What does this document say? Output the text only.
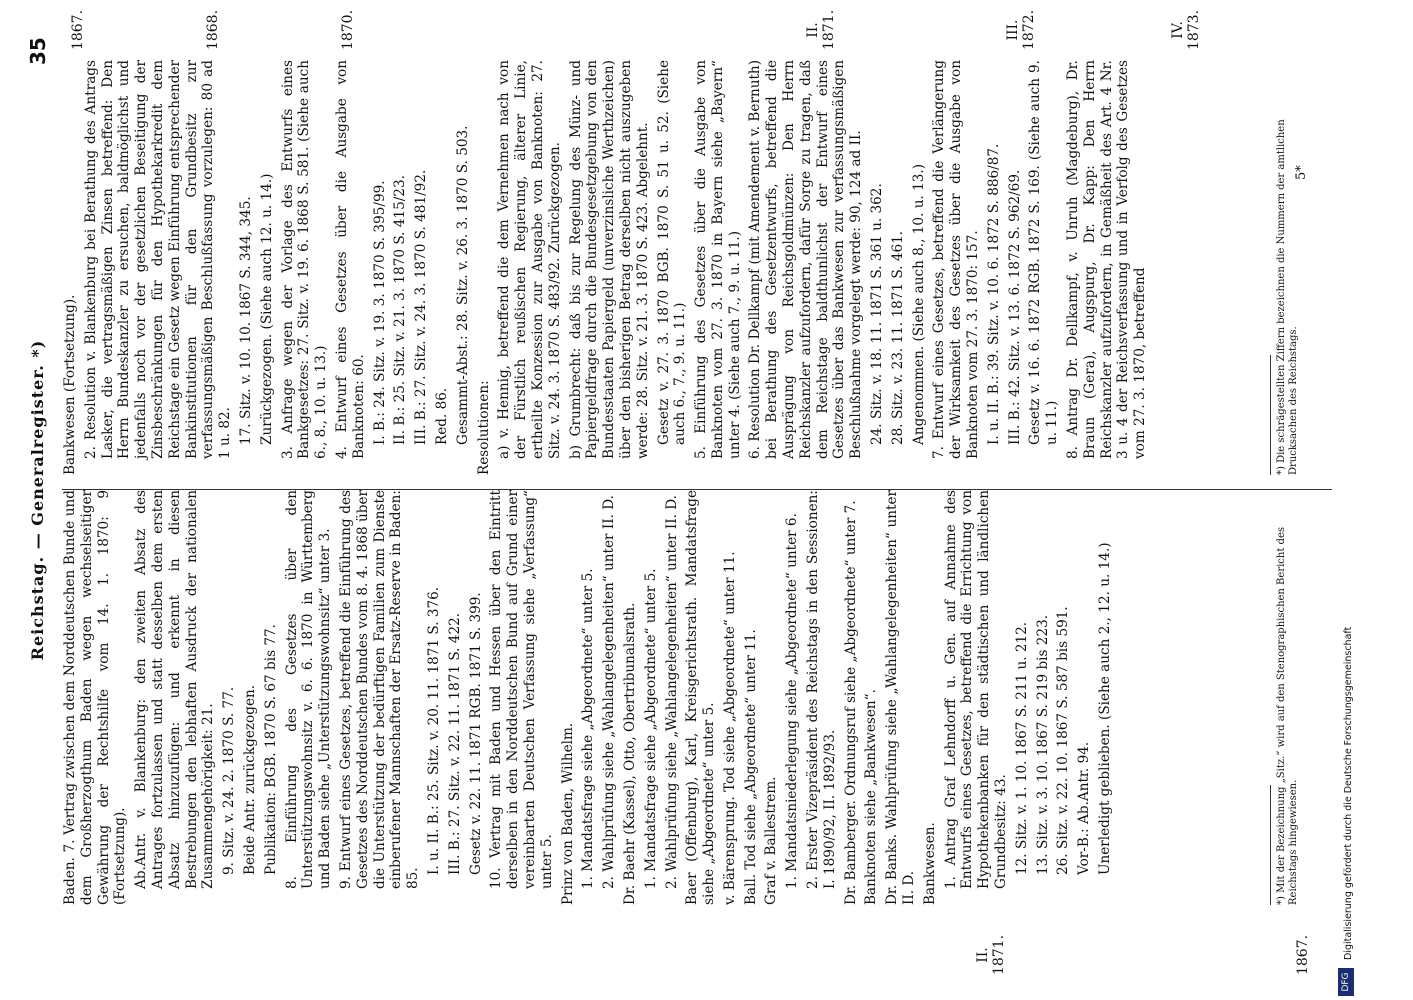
Reichstag. — Generalregister. *)
35

Baden. 7. Vertrag zwischen dem Norddeutschen Bunde und dem Großherzogthum Baden wegen wechselseitiger Gewährung der Rechtshilfe vom 14. 1. 1870: 9 (Fortsetzung). Ab.Antr. v. Blankenburg: den zweiten Absatz des Antrages fortzulassen und statt desselben dem ersten Absatz hinzuzufügen: und erkennt in diesen Bestrebungen den lebhaften Ausdruck der nationalen Zusammengehörigkeit: 21. 9. Sitz. v. 24. 2. 1870 S. 77. Beide Antr. zurückgezogen. Publikation: BGB. 1870 S. 67 bis 77. 8. Einführung des Gesetzes über den Unterstützungswohnsitz v. 6. 6. 1870 in Württemberg und Baden siehe „Unterstützungswohnsitz“ unter 3. 9. Entwurf eines Gesetzes, betreffend die Einführung des Gesetzes des Norddeutschen Bundes vom 8. 4. 1868 über die Unterstützung der bedürftigen Familien zum Dienste einberufener Mannschaften der Ersatz-Reserve in Baden: 85.

I. u. II. B.: 25. Sitz. v. 20. 11. 1871 S. 376. III. B.: 27. Sitz. v. 22. 11. 1871 S. 422. Gesetz v. 22. 11. 1871 RGB. 1871 S. 399. 10. Vertrag mit Baden und Hessen über den Eintritt derselben in den Norddeutschen Bund auf Grund einer vereinbarten Deutschen Verfassung siehe „Verfassung“ unter 5. Prinz von Baden, Wilhelm. 1. Mandatsfrage siehe „Abgeordnete“ unter 5. 2. Wahlprüfung siehe „Wahlangelegenheiten“ unter II. D. Dr. Baehr (Kassel), Otto, Obertribunalsrath. 1. Mandatsfrage siehe „Abgeordnete“ unter 5. 2. Wahlprüfung siehe „Wahlangelegenheiten“ unter II. D. Baer (Offenburg), Karl, Kreisgerichtsrath. Mandatsfrage siehe „Abgeordnete“ unter 5. v. Bärensprung. Tod siehe „Abgeordnete“ unter 11. Ball. Tod siehe „Abgeordnete“ unter 11. Graf v. Ballestrem. 1. Mandatsniederlegung siehe „Abgeordnete“ unter 6. 2. Erster Vizepräsident des Reichstags in den Sessionen: I. 1890/92, II. 1892/93. Dr. Bamberger. Ordnungsruf siehe „Abgeordnete“ unter 7. Banknoten siehe „Bankwesen“. Dr. Banks. Wahlprüfung siehe „Wahlangelegenheiten“ unter II. D. Bankwesen. 1. Antrag Graf Lehndorff u. Gen. auf Annahme des Entwurfs eines Gesetzes, betreffend die Errichtung von Hypothekenbanken für den städtischen und ländlichen Grundbesitz: 43. 12. Sitz. v. 1. 10. 1867 S. 211 u. 212. 13. Sitz. v. 3. 10. 1867 S. 219 bis 223. 26. Sitz. v. 22. 10. 1867 S. 587 bis 591. Vor-B.: Ab.Antr. 94. Unerledigt geblieben. (Siehe auch 2., 12. u. 14.)

Bankwesen (Fortsetzung). 2. Resolution v. Blankenburg bei Berathung des Antrags Lasker, die vertragsmäßigen Zinsen betreffend: Den Herrn Bundeskanzler zu ersuchen, baldmöglichst und jedenfalls noch vor der gesetzlichen Beseitigung der Zinsbeschränkungen für den Hypothekarkredit dem Reichstage ein Gesetz wegen Einführung entsprechender Bankinstitutionen für den Grundbesitz zur verfassungsmäßigen Beschlußfassung vorzulegen: 80 ad 1 u. 82. 17. Sitz. v. 10. 10. 1867 S. 344, 345. Zurückgezogen. (Siehe auch 12. u. 14.) 3. Anfrage wegen der Vorlage des Entwurfs eines Bankgesetzes: 27. Sitz. v. 19. 6. 1868 S. 581. (Siehe auch 6., 8., 10. u. 13.) 4. Entwurf eines Gesetzes über die Ausgabe von Banknoten: 60. I. B.: 24. Sitz. v. 19. 3. 1870 S. 395/99. II. B.: 25. Sitz. v. 21. 3. 1870 S. 415/23. III. B.: 27. Sitz. v. 24. 3. 1870 S. 481/92. Red. 86. Gesammt-Abst.: 28. Sitz. v. 26. 3. 1870 S. 503. Resolutionen: a) v. Hennig, betreffend die dem Vernehmen nach von der Fürstlich reußischen Regierung, älterer Linie, ertheilte Konzession zur Ausgabe von Banknoten: 27. Sitz. v. 24. 3. 1870 S. 483/92. Zurückgezogen. b) Grumbrecht: daß bis zur Regelung des Münz- und Papiergeldfrage durch die Bundesgesetzgebung von den Bundesstaaten Papiergeld (unverzinsliche Werthzeichen) über den bisherigen Betrag derselben nicht auszugeben werde: 28. Sitz. v. 21. 3. 1870 S. 423. Abgelehnt. Gesetz v. 27. 3. 1870 BGB. 1870 S. 51 u. 52. (Siehe auch 6., 7., 9. u. 11.) 5. Einführung des Gesetzes über die Ausgabe von Banknoten vom 27. 3. 1870 in Bayern siehe „Bayern“ unter 4. (Siehe auch 7., 9. u. 11.) 6. Resolution Dr. Dellkampf (mit Amendement v. Bernuth) bei Berathung des Gesetzentwurfs, betreffend die Ausprägung von Reichsgoldmünzen: Den Herrn Reichskanzler aufzufordern, dafür Sorge zu tragen, daß dem Reichstage baldthunlichst der Entwurf eines Gesetzes über das Bankwesen zur verfassungsmäßigen Beschlußnahme vorgelegt werde: 90, 124 ad II. 24. Sitz. v. 18. 11. 1871 S. 361 u. 362. 28. Sitz. v. 23. 11. 1871 S. 461. Angenommen. (Siehe auch 8., 10. u. 13.) 7. Entwurf eines Gesetzes, betreffend die Verlängerung der Wirksamkeit des Gesetzes über die Ausgabe von Banknoten vom 27. 3. 1870: 157. I. u. II. B.: 39. Sitz. v. 10. 6. 1872 S. 886/87. III. B.: 42. Sitz. v. 13. 6. 1872 S. 962/69. Gesetz v. 16. 6. 1872 RGB. 1872 S. 169. (Siehe auch 9. u. 11.) 8. Antrag Dr. Dellkampf, v. Unruh (Magdeburg), Dr. Braun (Gera), Augspurg, Dr. Kapp: Den Herrn Reichskanzler aufzufordern, in Gemäßheit des Art. 4 Nr. 3 u. 4 der Reichsverfassung und in Verfolg des Gesetzes vom 27. 3. 1870, betreffend

II.
1871.	1867.
1867.	1868.	1870.	II.
1871.	III.
1872.	IV.
1873.
*) Mit der Bezeichnung „Sitz.“ wird auf den Stenographischen Bericht des Reichstags hingewiesen.
*) Die schrägestellten Ziffern bezeichnen die Nummern der amtlichen Drucksachen des Reichstags.
5*
DFG
Digitalisierung gefördert durch die Deutsche Forschungsgemeinschaft
